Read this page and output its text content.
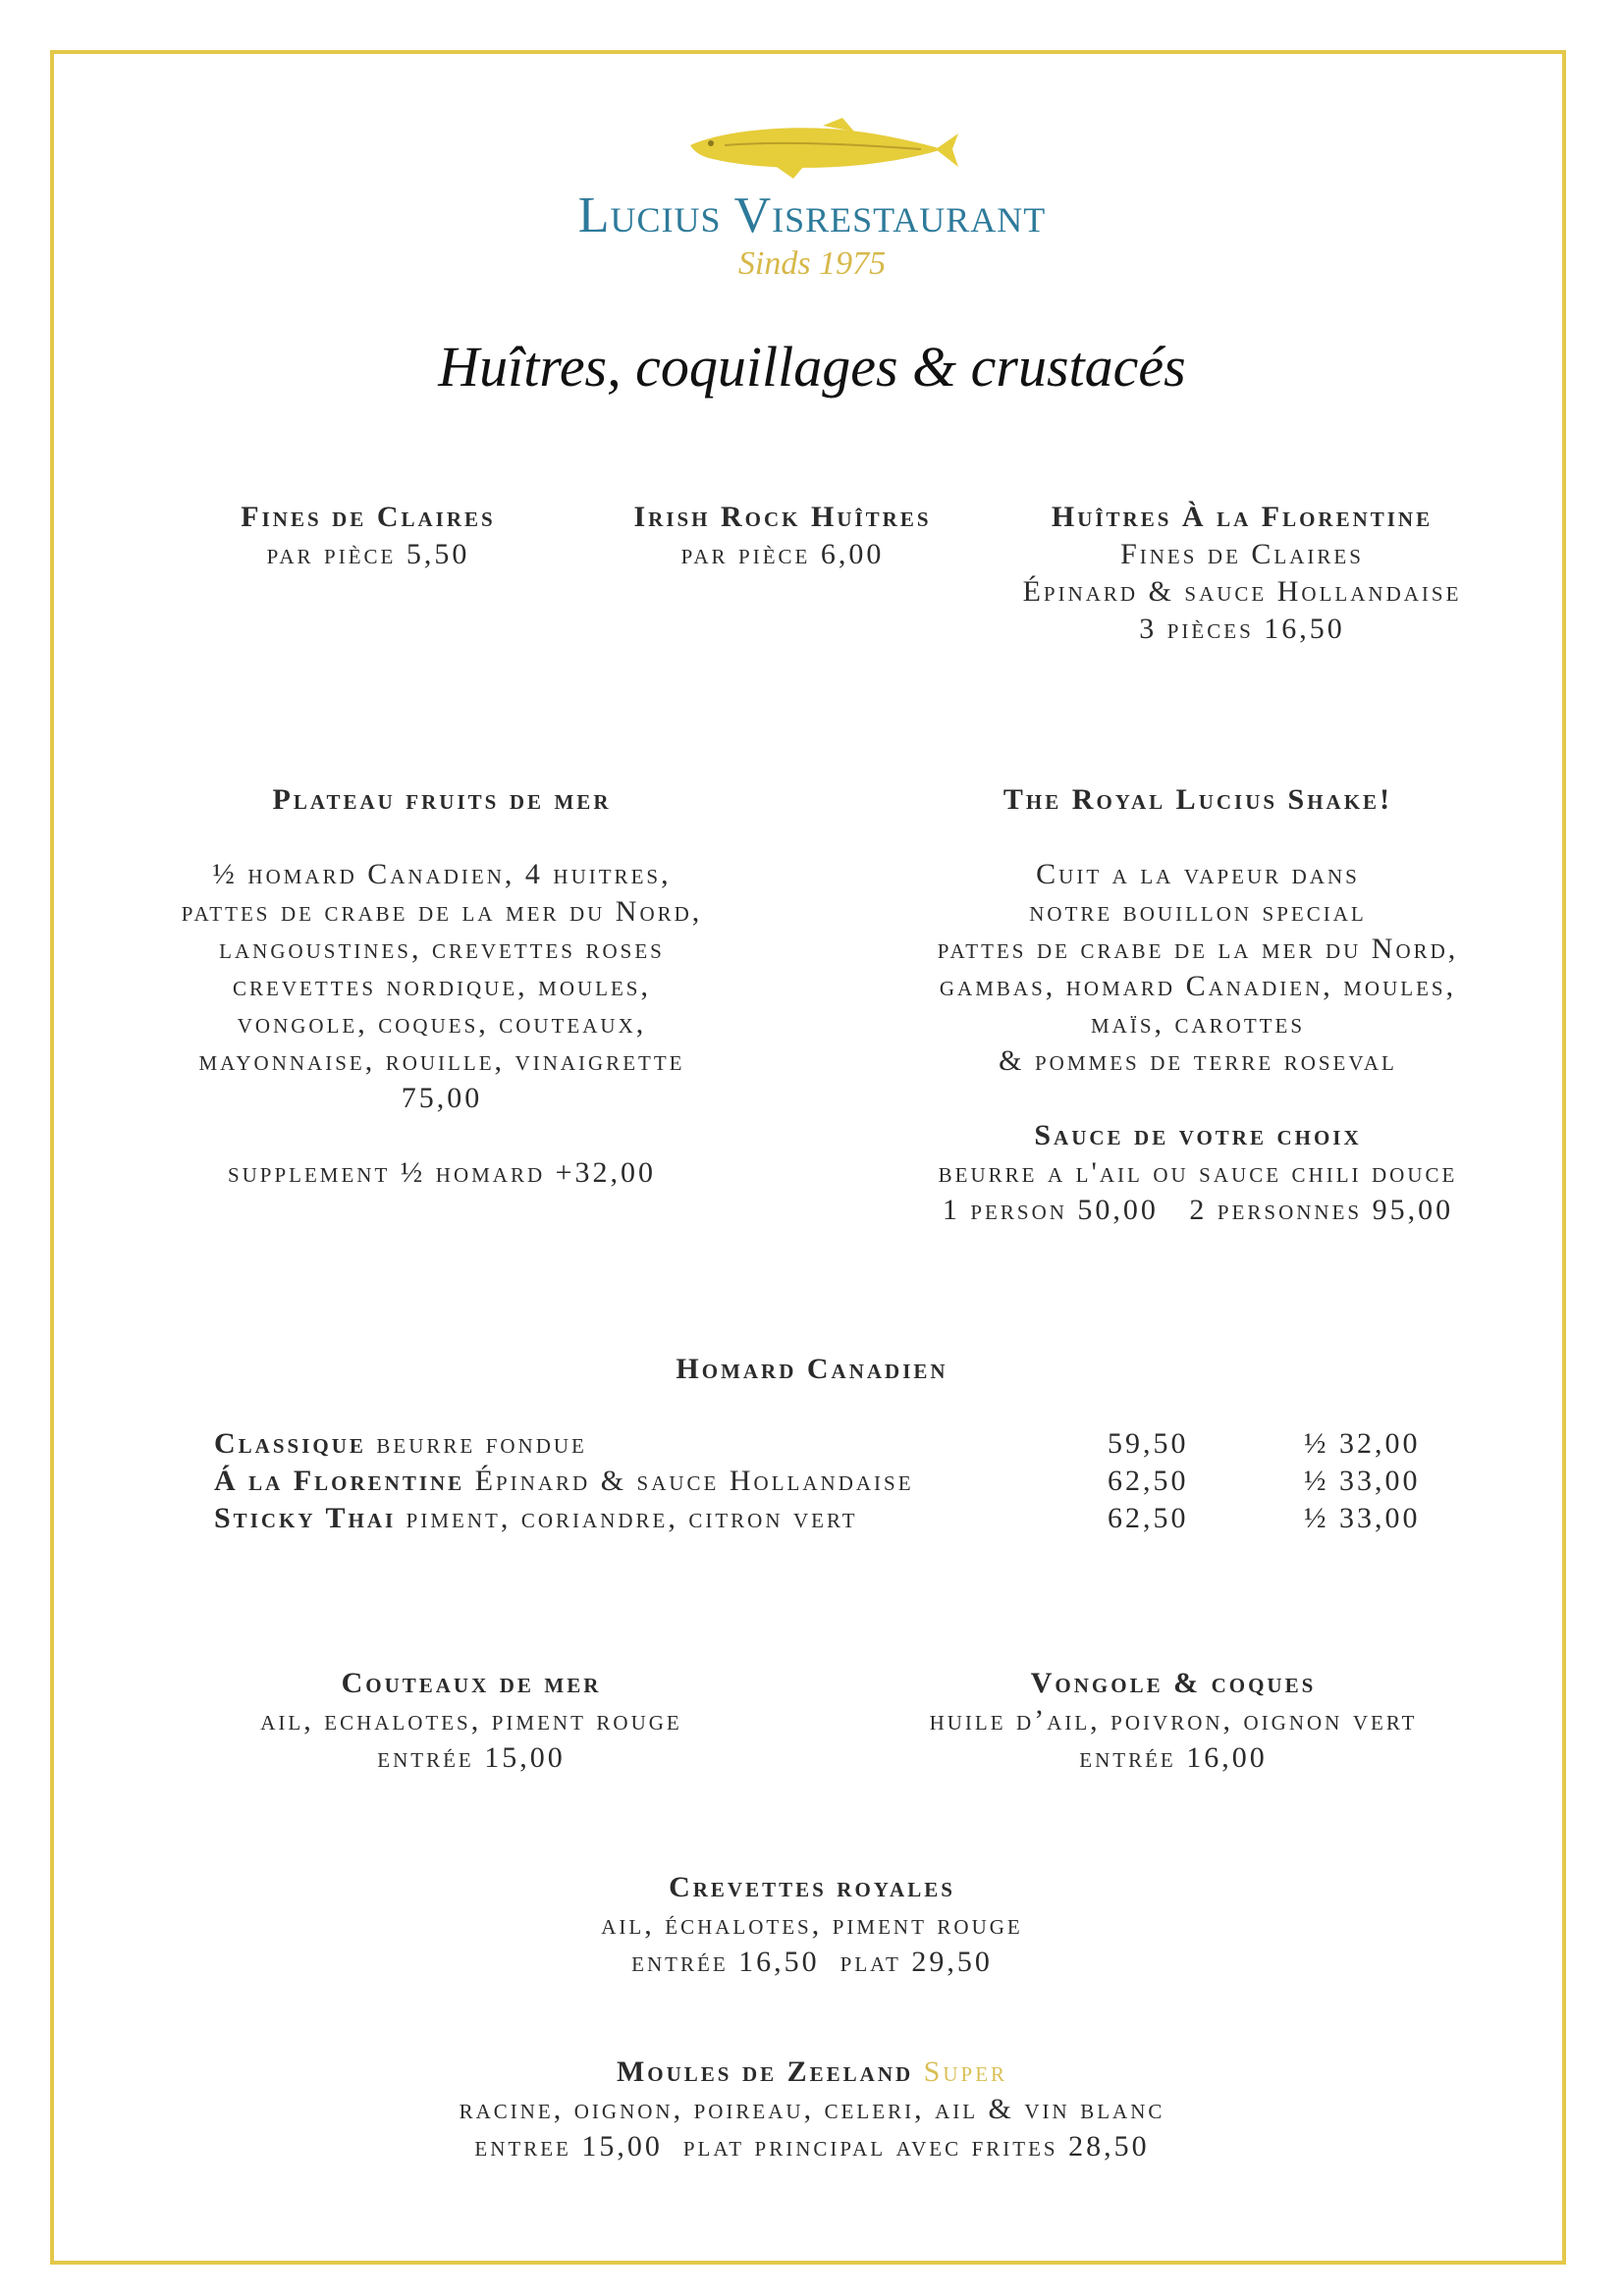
Lucius Visrestaurant
Sinds 1975
Huîtres, coquillages & crustacés
Fines de Claires
par pièce 5,50
Irish Rock Huîtres
par pièce 6,00
Huîtres À la Florentine
Fines de Claires
Épinard & sauce Hollandaise
3 pièces 16,50
Plateau fruits de mer
½ homard Canadien, 4 huitres,
pattes de crabe de la mer du Nord,
langoustines, crevettes roses
crevettes nordique, moules,
vongole, coques, couteaux,
mayonnaise, rouille, vinaigrette
75,00
supplement ½ homard +32,00
The Royal Lucius Shake!
Cuit a la vapeur dans
notre bouillon special
pattes de crabe de la mer du Nord,
gambas, homard Canadien, moules,
maïs, carottes
& pommes de terre roseval
Sauce de votre choix
beurre a l'ail ou sauce chili douce
1 person 50,00   2 personnes 95,00
Homard Canadien
Classique beurre fondue	59,50	½ 32,00
Á la Florentine Épinard & sauce Hollandaise	62,50	½ 33,00
Sticky Thai piment, coriandre, citron vert	62,50	½ 33,00
Couteaux de mer
ail, echalotes, piment rouge
entrée 15,00
Vongole & coques
huile d’ail, poivron, oignon vert
entrée 16,00
Crevettes royales
ail, échalotes, piment rouge
entrée 16,50  plat 29,50
Moules de Zeeland Super
racine, oignon, poireau, celeri, ail & vin blanc
entree 15,00  plat principal avec frites 28,50
